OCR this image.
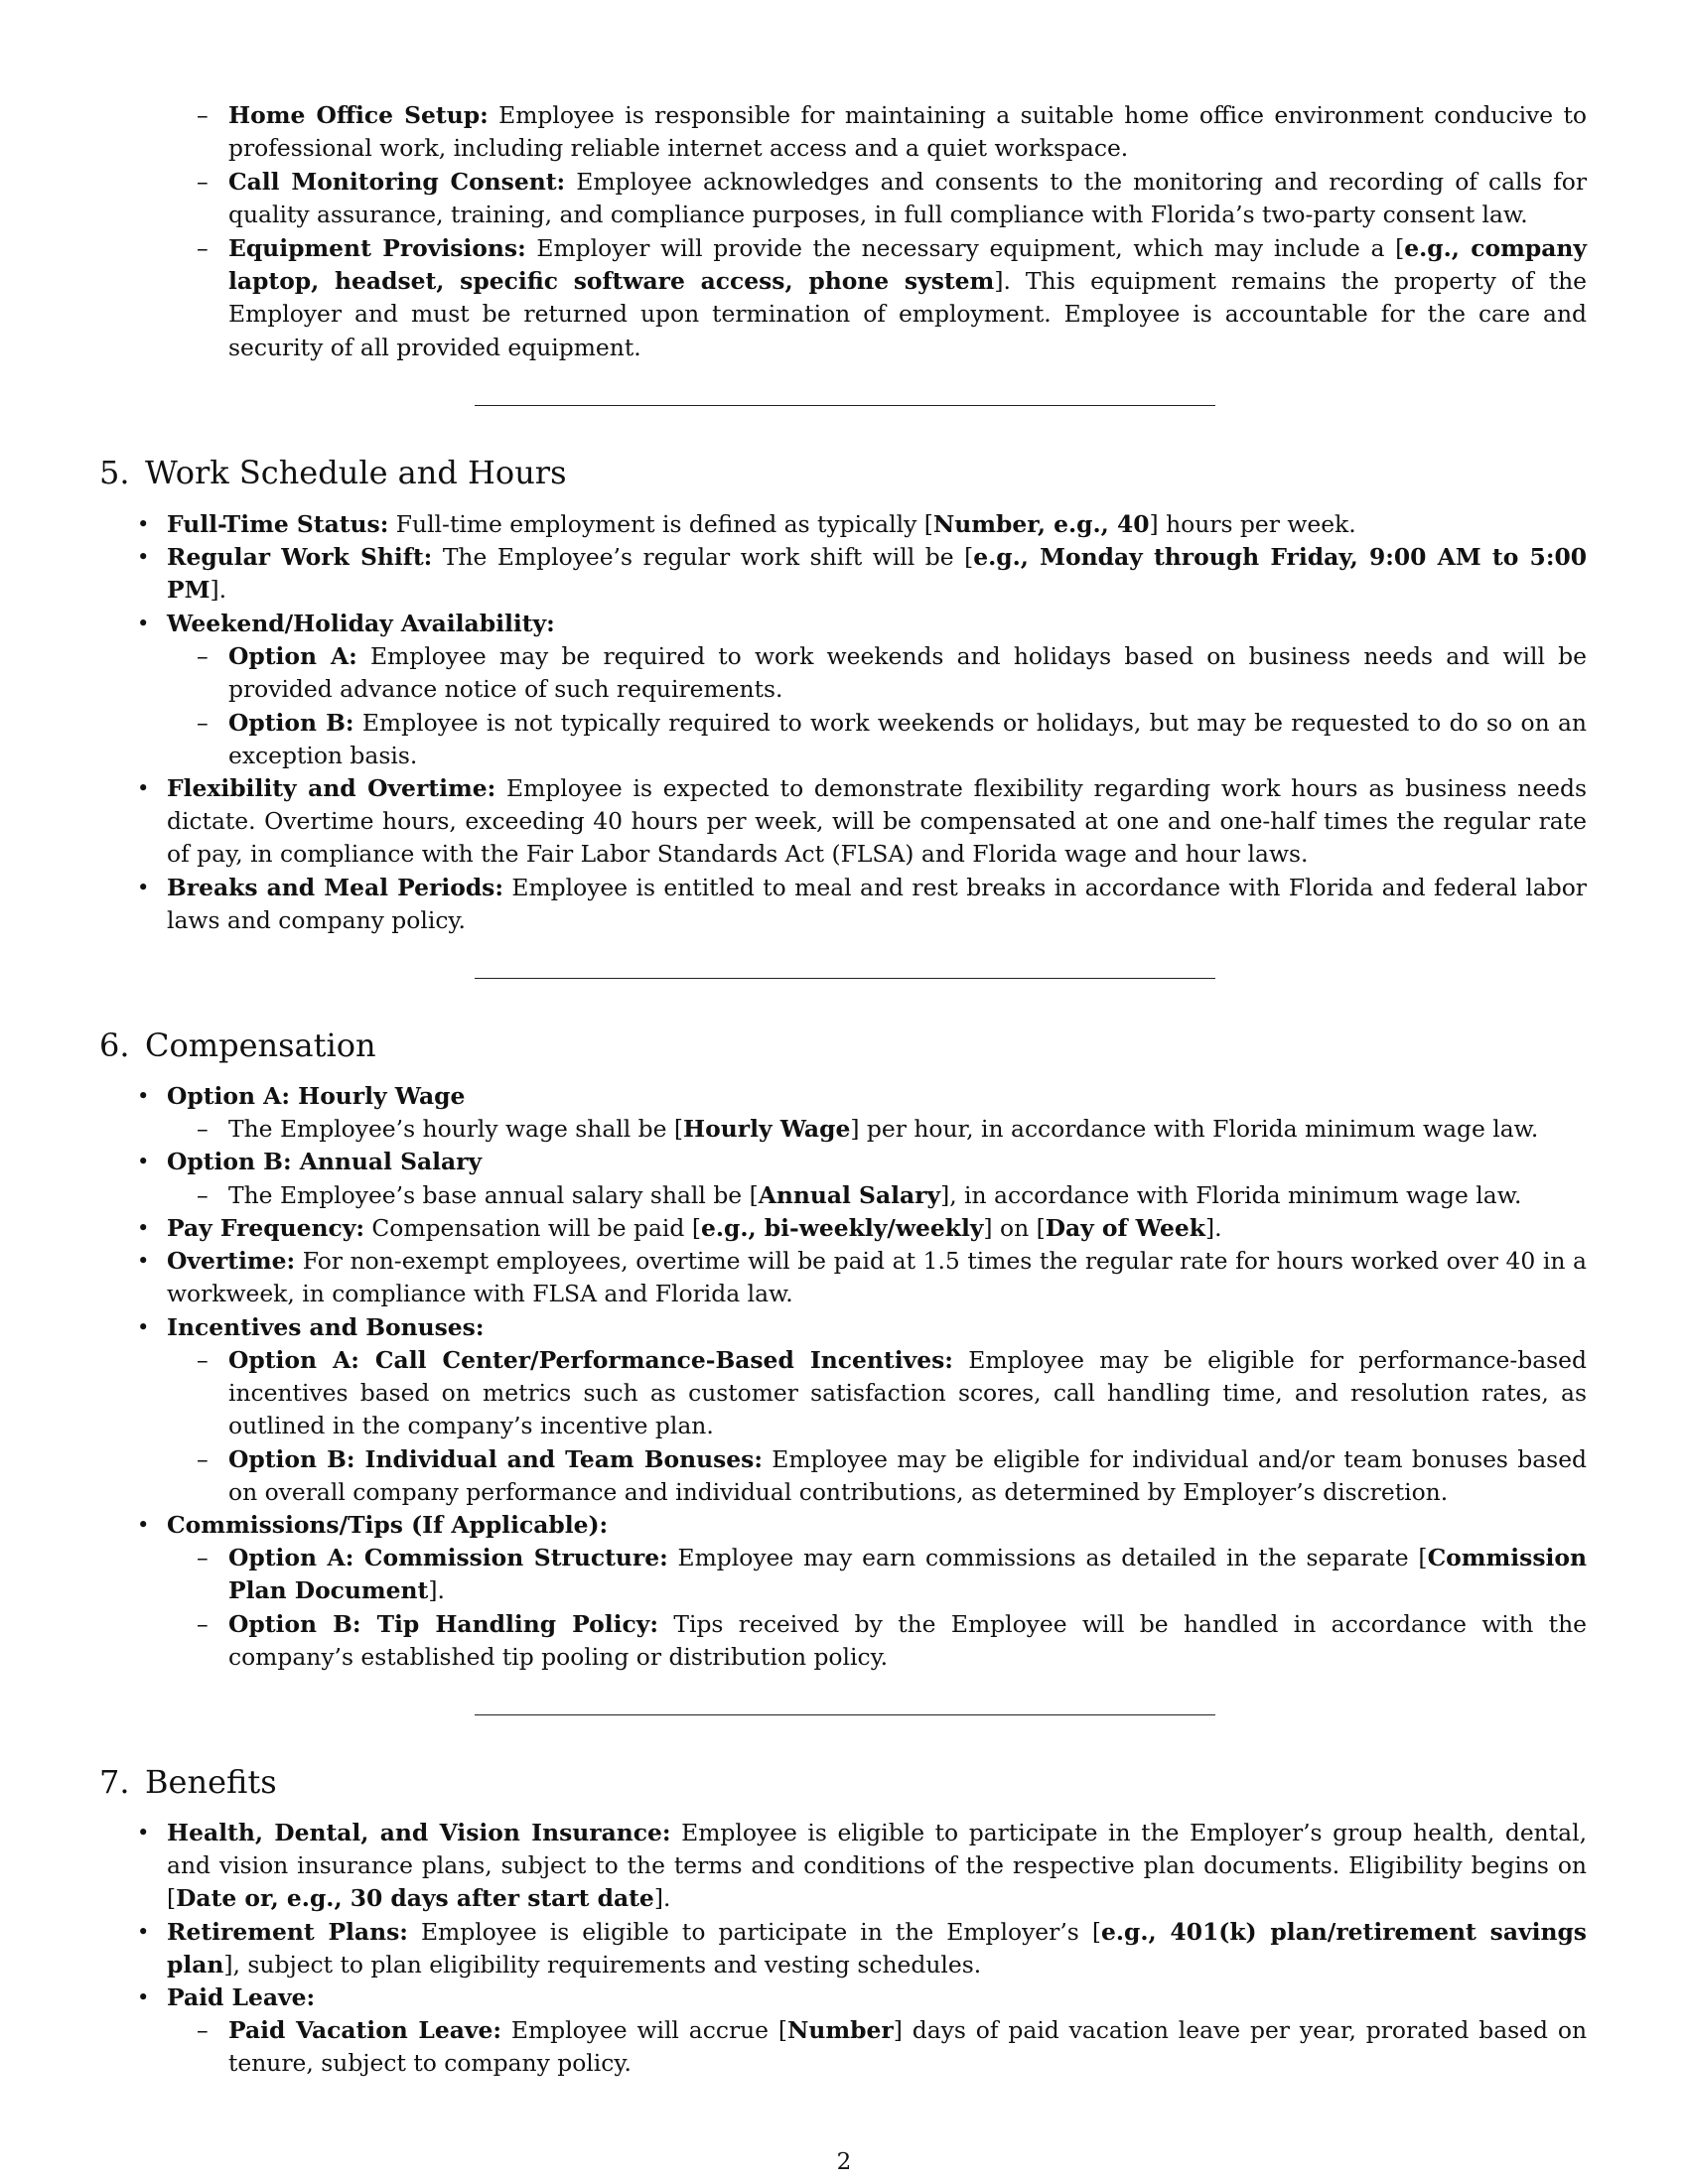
– Home Office Setup: Employee is responsible for maintaining a suitable home office environment conducive to professional work, including reliable internet access and a quiet workspace.
– Call Monitoring Consent: Employee acknowledges and consents to the monitoring and recording of calls for quality assurance, training, and compliance purposes, in full compliance with Florida’s two-party consent law.
– Equipment Provisions: Employer will provide the necessary equipment, which may include a [e.g., company laptop, headset, specific software access, phone system]. This equipment remains the property of the Employer and must be returned upon termination of employment. Employee is accountable for the care and security of all provided equipment.
5. Work Schedule and Hours
• Full-Time Status: Full-time employment is defined as typically [Number, e.g., 40] hours per week.
• Regular Work Shift: The Employee’s regular work shift will be [e.g., Monday through Friday, 9:00 AM to 5:00 PM].
• Weekend/Holiday Availability:
– Option A: Employee may be required to work weekends and holidays based on business needs and will be provided advance notice of such requirements.
– Option B: Employee is not typically required to work weekends or holidays, but may be requested to do so on an exception basis.
• Flexibility and Overtime: Employee is expected to demonstrate flexibility regarding work hours as business needs dictate. Overtime hours, exceeding 40 hours per week, will be compensated at one and one-half times the regular rate of pay, in compliance with the Fair Labor Standards Act (FLSA) and Florida wage and hour laws.
• Breaks and Meal Periods: Employee is entitled to meal and rest breaks in accordance with Florida and federal labor laws and company policy.
6. Compensation
• Option A: Hourly Wage
– The Employee’s hourly wage shall be [Hourly Wage] per hour, in accordance with Florida minimum wage law.
• Option B: Annual Salary
– The Employee’s base annual salary shall be [Annual Salary], in accordance with Florida minimum wage law.
• Pay Frequency: Compensation will be paid [e.g., bi-weekly/weekly] on [Day of Week].
• Overtime: For non-exempt employees, overtime will be paid at 1.5 times the regular rate for hours worked over 40 in a workweek, in compliance with FLSA and Florida law.
• Incentives and Bonuses:
– Option A: Call Center/Performance-Based Incentives: Employee may be eligible for performance-based incentives based on metrics such as customer satisfaction scores, call handling time, and resolution rates, as outlined in the company’s incentive plan.
– Option B: Individual and Team Bonuses: Employee may be eligible for individual and/or team bonuses based on overall company performance and individual contributions, as determined by Employer’s discretion.
• Commissions/Tips (If Applicable):
– Option A: Commission Structure: Employee may earn commissions as detailed in the separate [Commission Plan Document].
– Option B: Tip Handling Policy: Tips received by the Employee will be handled in accordance with the company’s established tip pooling or distribution policy.
7. Benefits
• Health, Dental, and Vision Insurance: Employee is eligible to participate in the Employer’s group health, dental, and vision insurance plans, subject to the terms and conditions of the respective plan documents. Eligibility begins on [Date or, e.g., 30 days after start date].
• Retirement Plans: Employee is eligible to participate in the Employer’s [e.g., 401(k) plan/retirement savings plan], subject to plan eligibility requirements and vesting schedules.
• Paid Leave:
– Paid Vacation Leave: Employee will accrue [Number] days of paid vacation leave per year, prorated based on tenure, subject to company policy.
2
